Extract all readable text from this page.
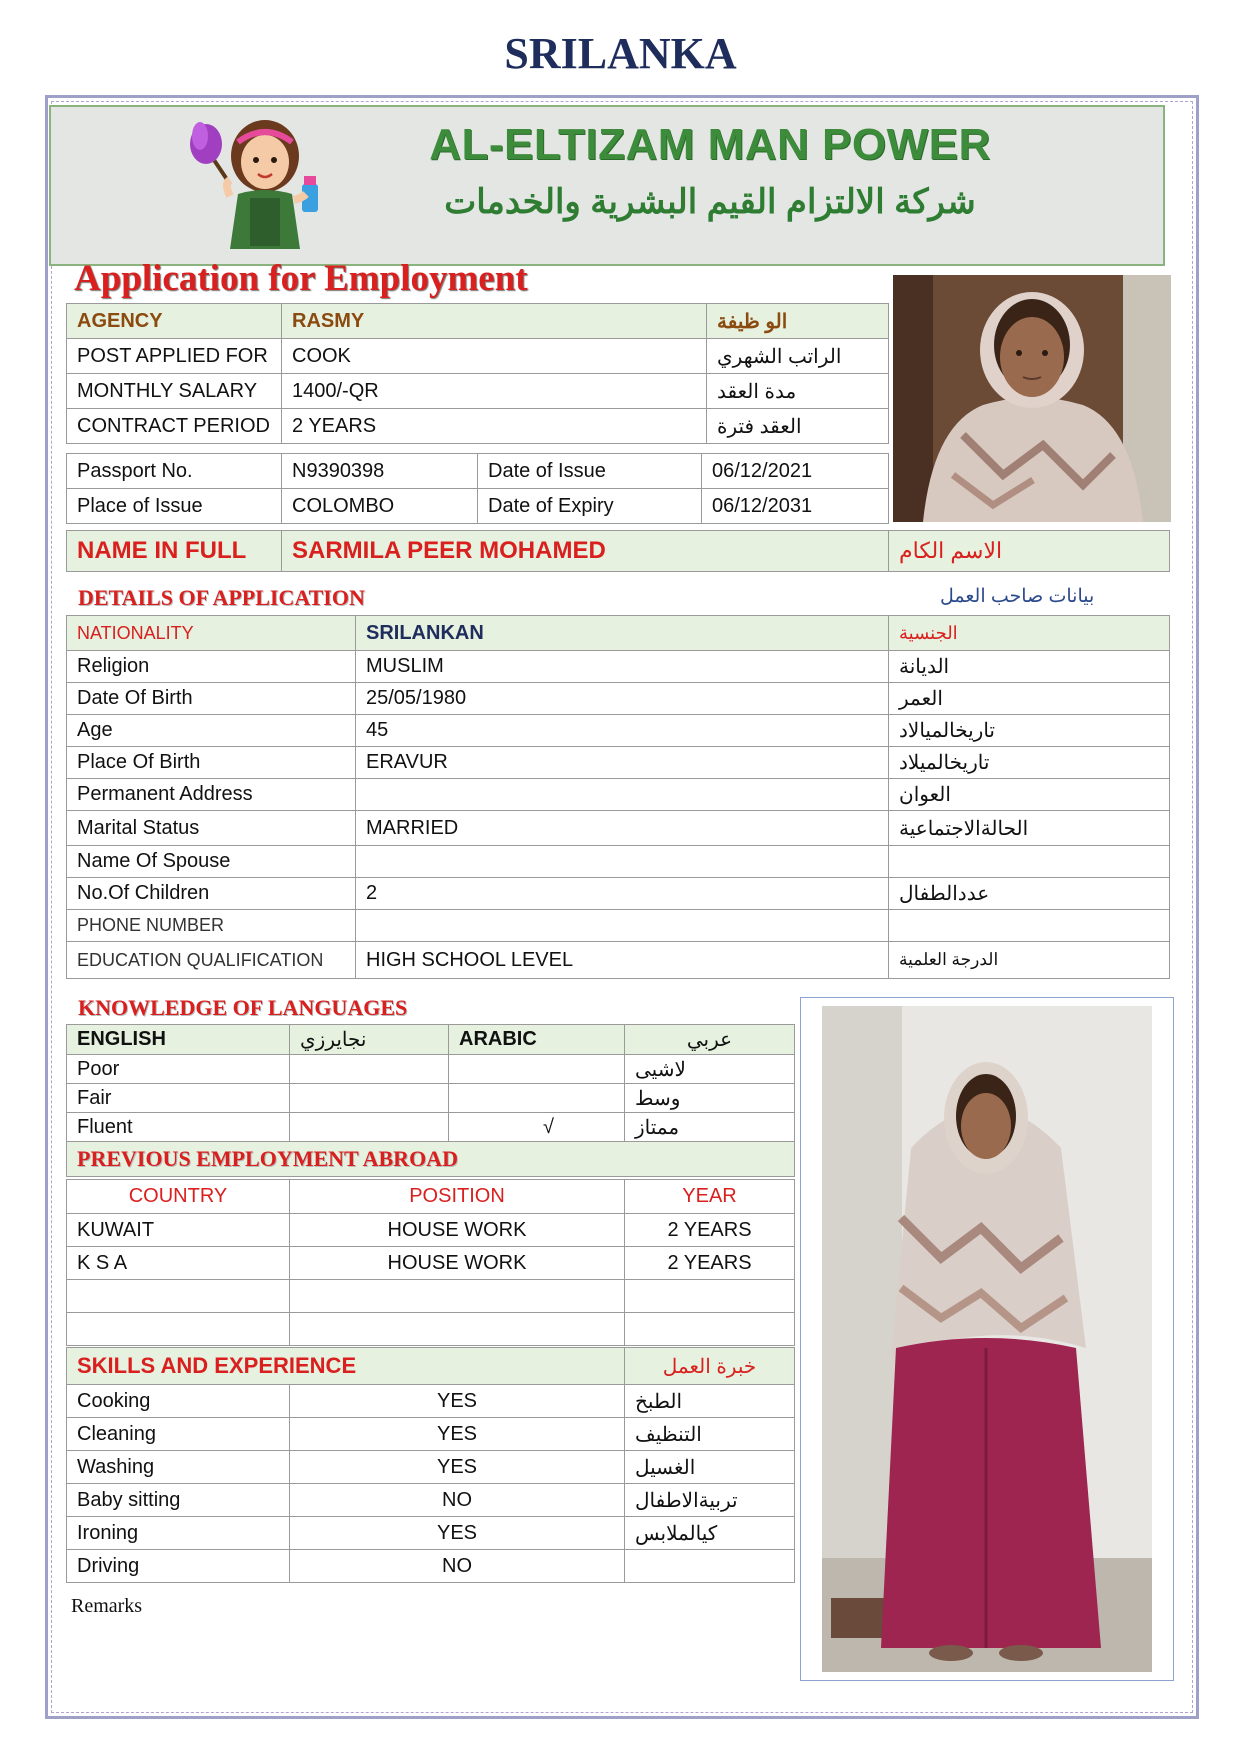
SRILANKA
AL-ELTIZAM MAN POWER
شركة الالتزام القيم البشرية والخدمات
Application for Employment
AGENCY	RASMY	الو ظيفة
POST APPLIED FOR	COOK	الراتب الشهري
MONTHLY SALARY	1400/-QR	مدة العقد
CONTRACT PERIOD	2 YEARS	العقد فترة
Passport No.	N9390398	Date of Issue	06/12/2021
Place of Issue	COLOMBO	Date of Expiry	06/12/2031
NAME IN FULL	SARMILA PEER MOHAMED	الاسم الكام
DETAILS OF APPLICATION	بيانات صاحب العمل
NATIONALITY	SRILANKAN	الجنسية
Religion	MUSLIM	الديانة
Date Of Birth	25/05/1980	العمر
Age	45	تاريخالميالاد
Place Of Birth	ERAVUR	تاريخالميلاد
Permanent Address		العوان
Marital Status	MARRIED	الحالةالاجتماعية
Name Of Spouse		
No.Of Children	2	عددالطفال
PHONE NUMBER		
EDUCATION QUALIFICATION	HIGH SCHOOL LEVEL	الدرجة العلمية
KNOWLEDGE OF LANGUAGES
ENGLISH	نجايرزي	ARABIC	عربي
Poor			لاشيى
Fair			وسط
Fluent		√	ممتاز
PREVIOUS EMPLOYMENT ABROAD			
COUNTRY	POSITION	YEAR
KUWAIT	HOUSE WORK	2 YEARS
K S A	HOUSE WORK	2 YEARS

SKILLS AND EXPERIENCE		خبرة العمل
Cooking	YES	الطبخ
Cleaning	YES	التنظيف
Washing	YES	الغسيل
Baby sitting	NO	تربيةالاطفال
Ironing	YES	كيالملابس
Driving	NO	
Remarks
